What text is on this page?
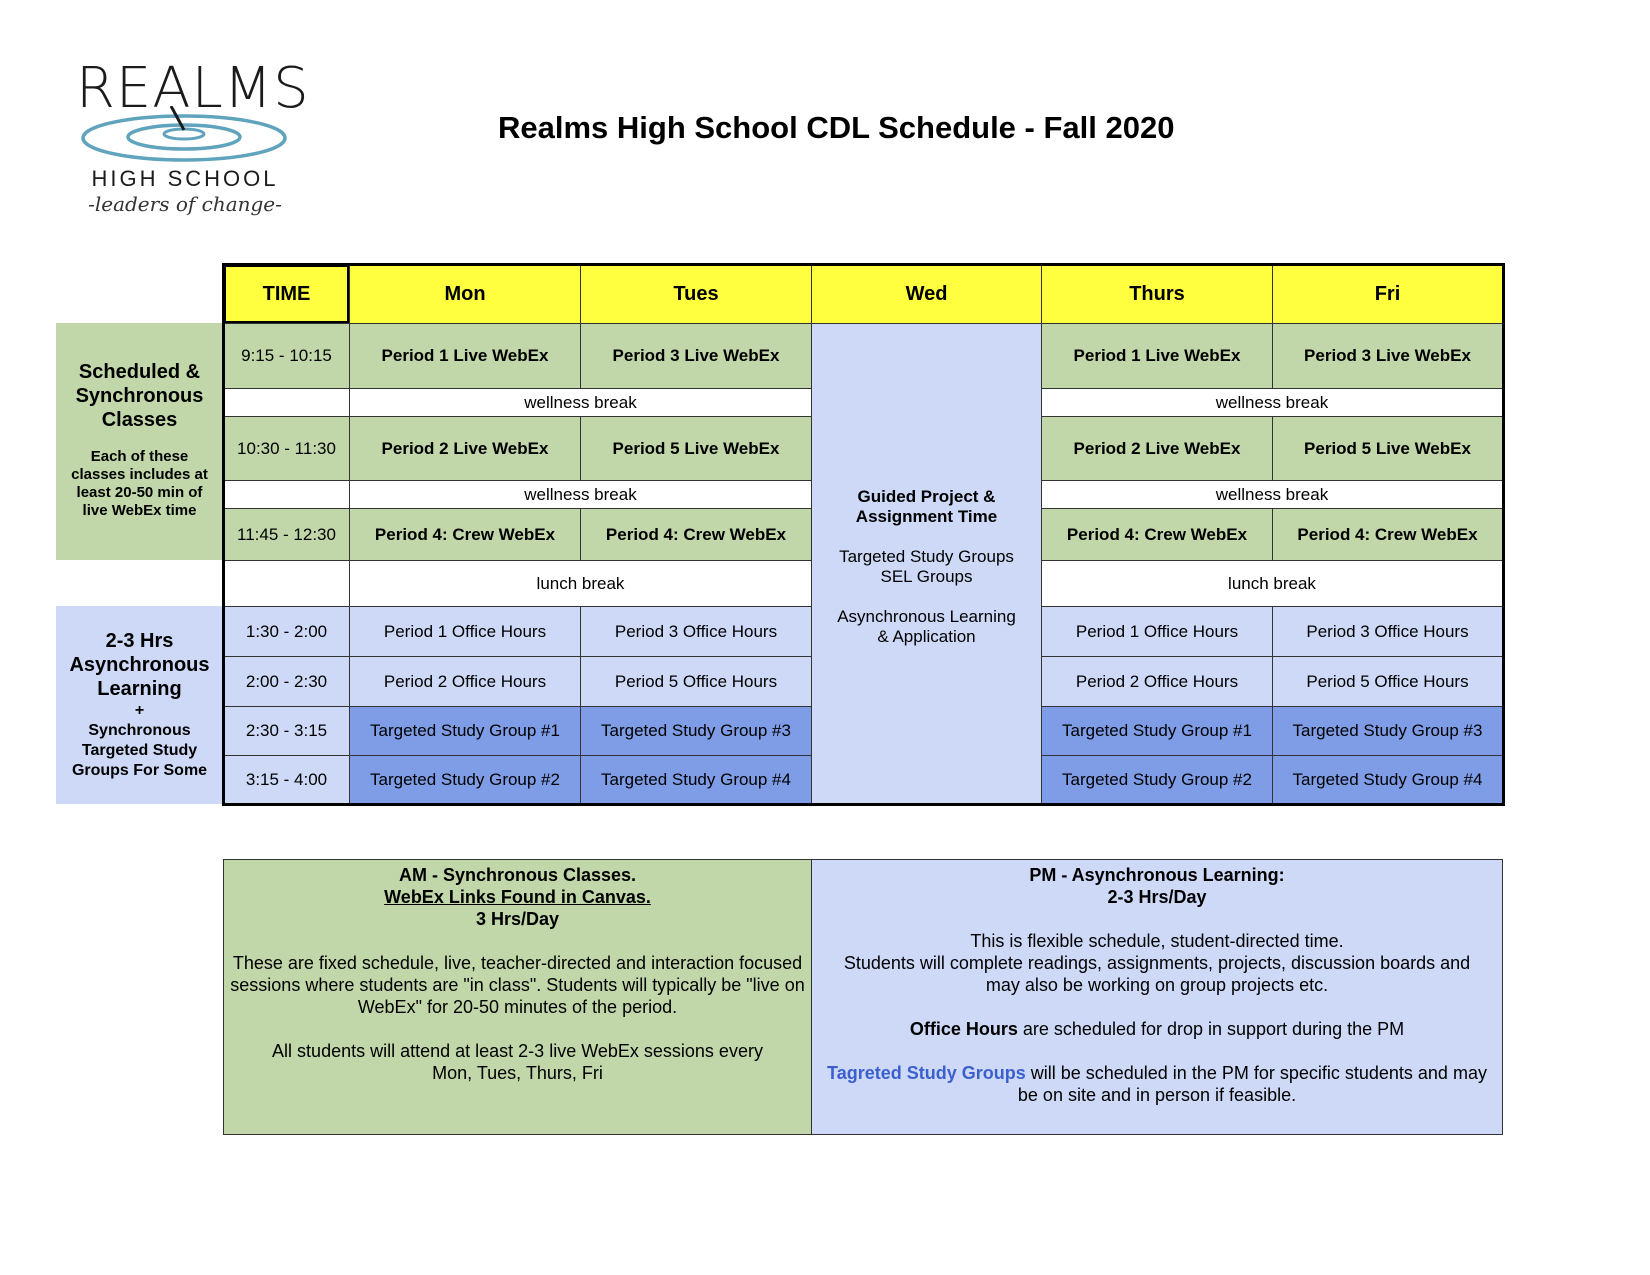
REALMS
HIGH SCHOOL
-leaders of change-
Realms High School CDL Schedule - Fall 2020
Scheduled &
Synchronous
Classes
Each of these
classes includes at
least 20-50 min of
live WebEx time
2-3 Hrs
Asynchronous
Learning
+
Synchronous
Targeted Study
Groups For Some
TIME	Mon	Tues	Wed	Thurs	Fri
9:15 - 10:15	Period 1 Live WebEx	Period 3 Live WebEx	Period 1 Live WebEx	Period 3 Live WebEx
wellness break	wellness break
10:30 - 11:30	Period 2 Live WebEx	Period 5 Live WebEx	Period 2 Live WebEx	Period 5 Live WebEx
wellness break	wellness break
11:45 - 12:30	Period 4: Crew WebEx	Period 4: Crew WebEx	Period 4: Crew WebEx	Period 4: Crew WebEx
lunch break	lunch break
1:30 - 2:00	Period 1 Office Hours	Period 3 Office Hours	Period 1 Office Hours	Period 3 Office Hours
2:00 - 2:30	Period 2 Office Hours	Period 5 Office Hours	Period 2 Office Hours	Period 5 Office Hours
2:30 - 3:15	Targeted Study Group #1	Targeted Study Group #3	Targeted Study Group #1	Targeted Study Group #3
3:15 - 4:00	Targeted Study Group #2	Targeted Study Group #4	Targeted Study Group #2	Targeted Study Group #4
Guided Project &
Assignment Time
Targeted Study Groups
SEL Groups
Asynchronous Learning
& Application
AM - Synchronous Classes.
WebEx Links Found in Canvas.
3 Hrs/Day
These are fixed schedule, live, teacher-directed and interaction focused sessions where students are "in class". Students will typically be "live on WebEx" for 20-50 minutes of the period.
All students will attend at least 2-3 live WebEx sessions every Mon, Tues, Thurs, Fri
PM - Asynchronous Learning:
2-3 Hrs/Day
This is flexible schedule, student-directed time.
Students will complete readings, assignments, projects, discussion boards and may also be working on group projects etc.
Office Hours are scheduled for drop in support during the PM
Tagreted Study Groups will be scheduled in the PM for specific students and may be on site and in person if feasible.
